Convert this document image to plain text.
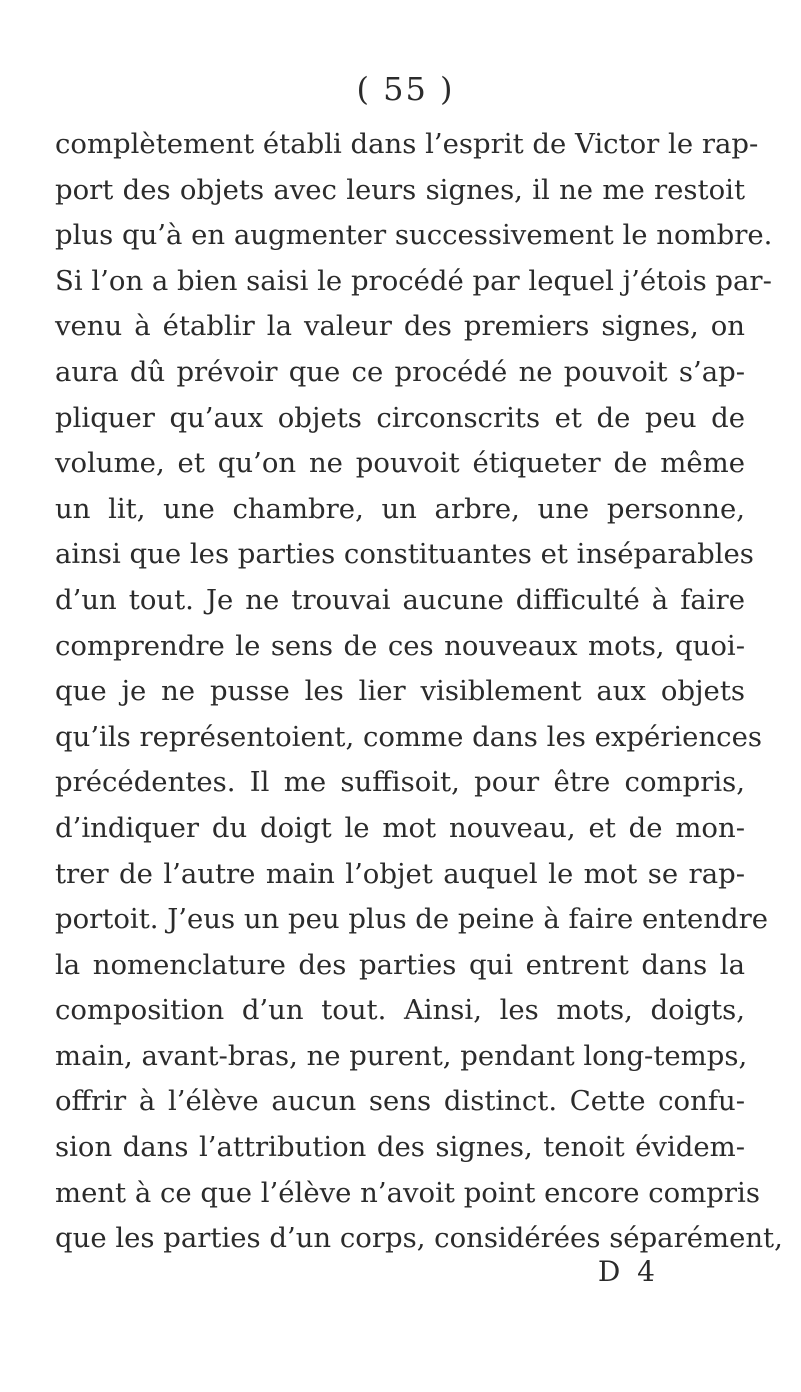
( 55 )
complètement établi dans l’esprit de Victor le rap-
port des objets avec leurs signes, il ne me restoit
plus qu’à en augmenter successivement le nombre.
Si l’on a bien saisi le procédé par lequel j’étois par-
venu à établir la valeur des premiers signes, on
aura dû prévoir que ce procédé ne pouvoit s’ap-
pliquer qu’aux objets circonscrits et de peu de
volume, et qu’on ne pouvoit étiqueter de même
un lit, une chambre, un arbre, une personne,
ainsi que les parties constituantes et inséparables
d’un tout. Je ne trouvai aucune difficulté à faire
comprendre le sens de ces nouveaux mots, quoi-
que je ne pusse les lier visiblement aux objets
qu’ils représentoient, comme dans les expériences
précédentes. Il me suffisoit, pour être compris,
d’indiquer du doigt le mot nouveau, et de mon-
trer de l’autre main l’objet auquel le mot se rap-
portoit. J’eus un peu plus de peine à faire entendre
la nomenclature des parties qui entrent dans la
composition d’un tout. Ainsi, les mots, doigts,
main, avant-bras, ne purent, pendant long-temps,
offrir à l’élève aucun sens distinct. Cette confu-
sion dans l’attribution des signes, tenoit évidem-
ment à ce que l’élève n’avoit point encore compris
que les parties d’un corps, considérées séparément,
D 4
